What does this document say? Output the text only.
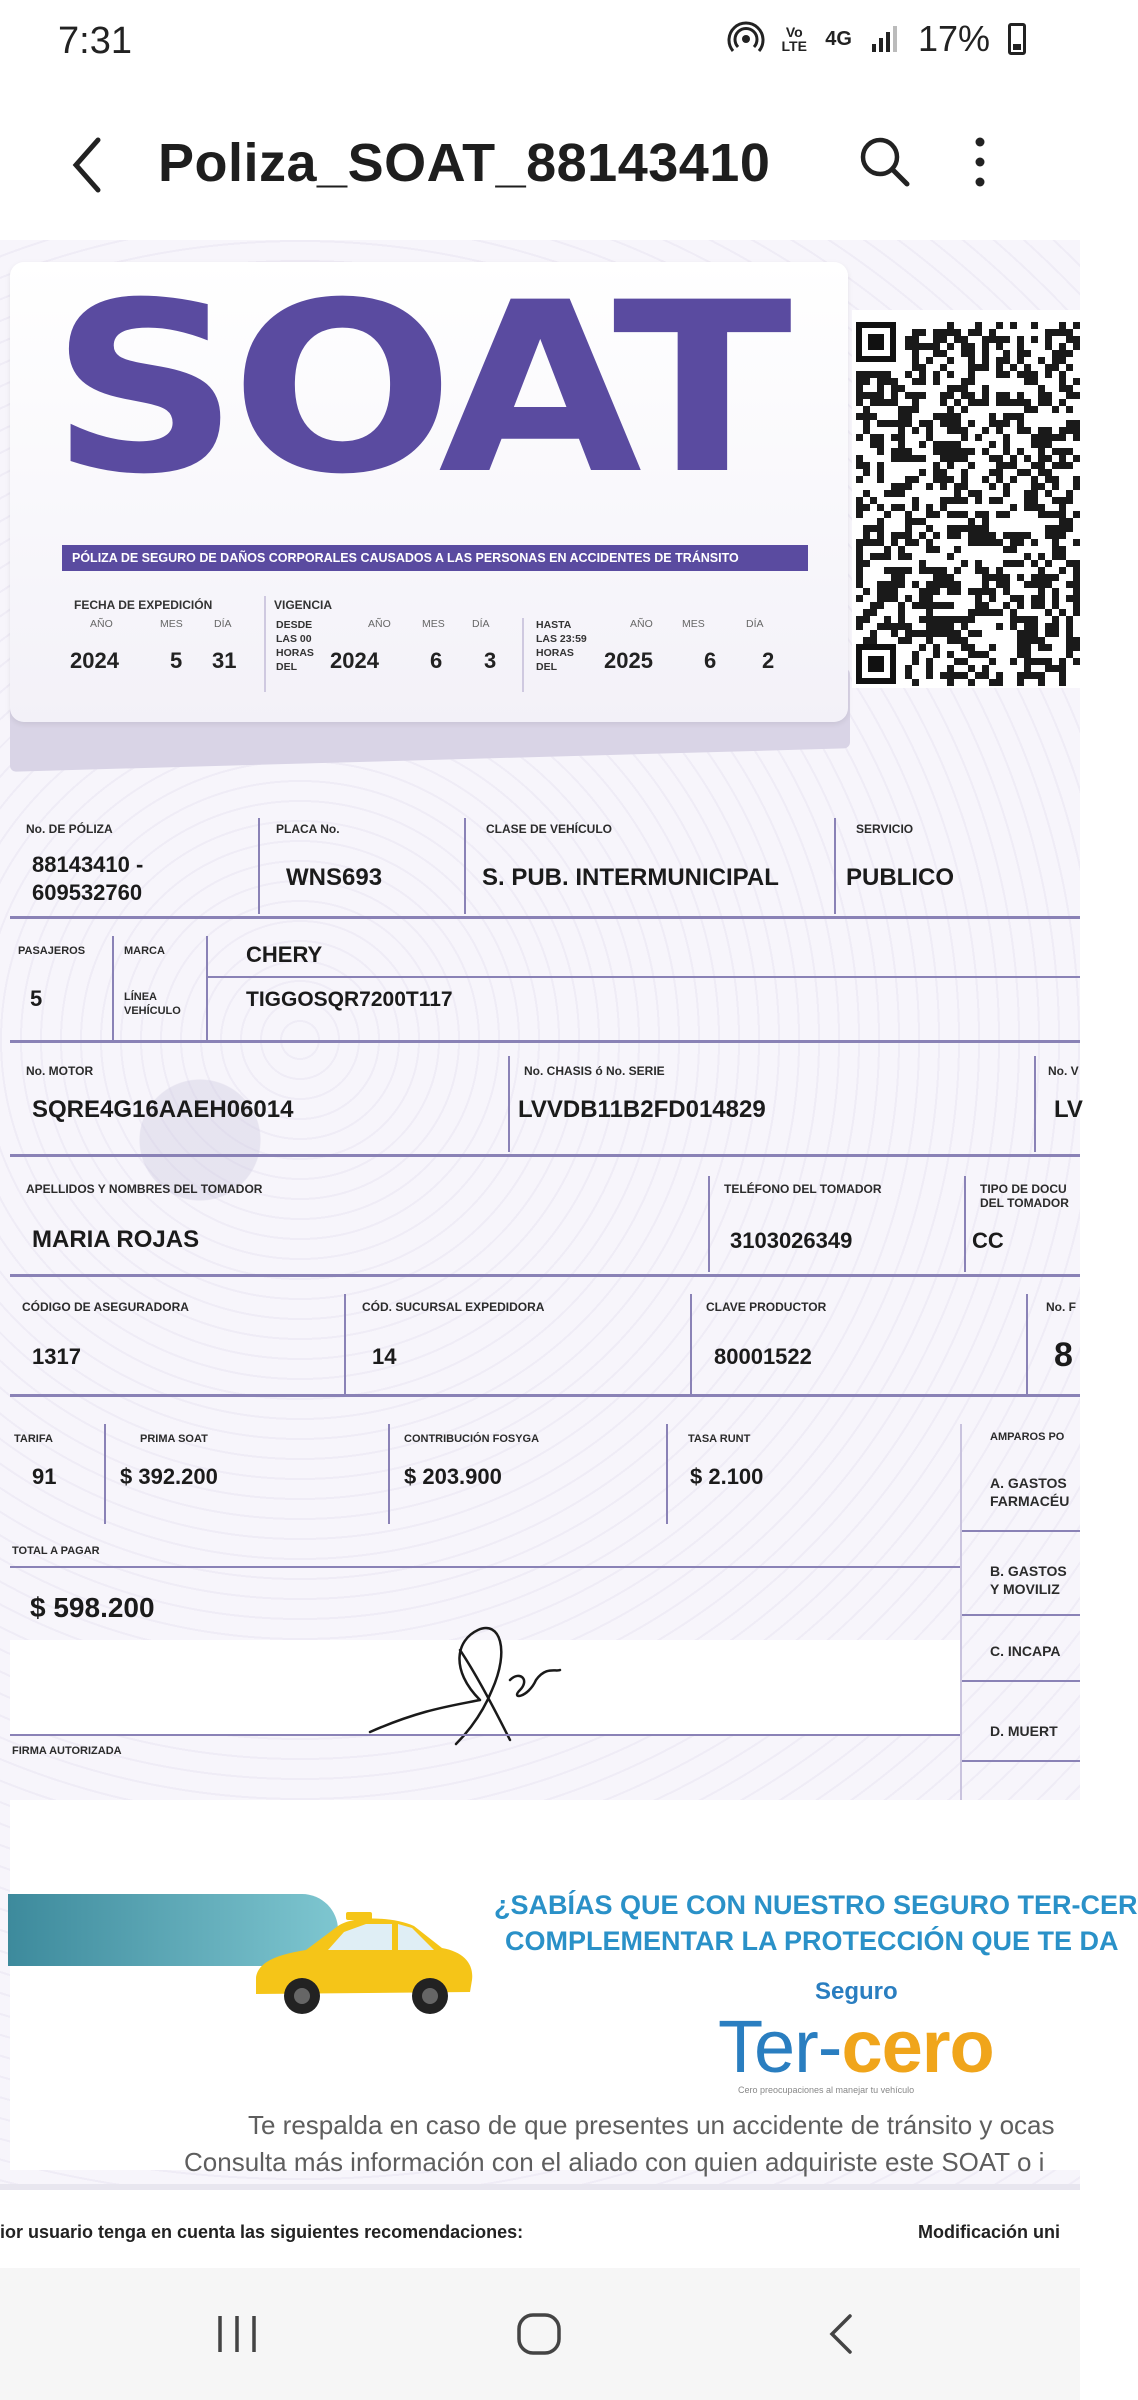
7:31	Vo LTE 4G 17%
Poliza_SOAT_88143410
SOAT
PÓLIZA DE SEGURO DE DAÑOS CORPORALES CAUSADOS A LAS PERSONAS EN ACCIDENTES DE TRÁNSITO
FECHA DE EXPEDICIÓN
AÑO	MES	DÍA
2024 5 31
VIGENCIA
DESDE
LAS 00
HORAS
DEL
AÑO	MES	DÍA
2024 6 3
HASTA
LAS 23:59
HORAS
DEL
AÑO	MES	DÍA
2025 6 2
No. DE PÓLIZA
88143410 -
609532760
PLACA No.
WNS693
CLASE DE VEHÍCULO
S. PUB. INTERMUNICIPAL
SERVICIO
PUBLICO
PASAJEROS
5
MARCA	CHERY
LÍNEA
VEHÍCULO	TIGGOSQR7200T117
No. MOTOR
SQRE4G16AAEH06014
No. CHASIS ó No. SERIE
LVVDB11B2FD014829
No. V
LV
APELLIDOS Y NOMBRES DEL TOMADOR
MARIA ROJAS
TELÉFONO DEL TOMADOR
3103026349
TIPO DE DOCU
DEL TOMADOR
CC
CÓDIGO DE ASEGURADORA
1317
CÓD. SUCURSAL EXPEDIDORA
14
CLAVE PRODUCTOR
80001522
No. F
8
TARIFA
91
PRIMA SOAT
$ 392.200
CONTRIBUCIÓN FOSYGA
$ 203.900
TASA RUNT
$ 2.100
AMPAROS PO
A. GASTOS
FARMACÉU
B. GASTOS
Y MOVILIZ
C. INCAPA
D. MUERT
TOTAL A PAGAR
$ 598.200
FIRMA AUTORIZADA
¿SABÍAS QUE CON NUESTRO SEGURO TER-CER
COMPLEMENTAR LA PROTECCIÓN QUE TE DA
Seguro
Ter-cero
Cero preocupaciones al manejar tu vehículo
Te respalda en caso de que presentes un accidente de tránsito y ocas
Consulta más información con el aliado con quien adquiriste este SOAT o i
ior usuario tenga en cuenta las siguientes recomendaciones:	Modificación uni
